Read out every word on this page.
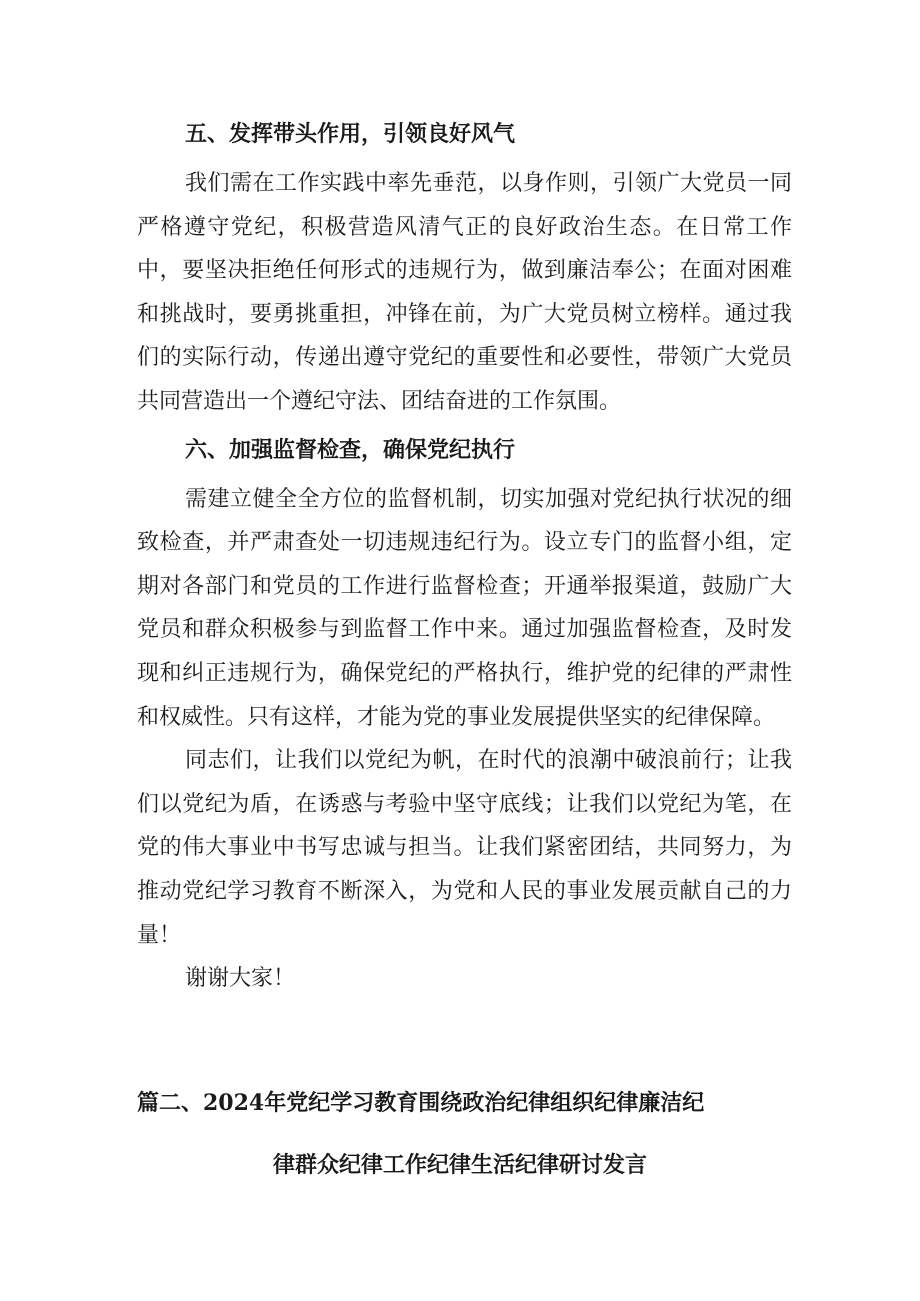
五、发挥带头作用，引领良好风气

我们需在工作实践中率先垂范，以身作则，引领广大党员一同严格遵守党纪，积极营造风清气正的良好政治生态。在日常工作中，要坚决拒绝任何形式的违规行为，做到廉洁奉公；在面对困难和挑战时，要勇挑重担，冲锋在前，为广大党员树立榜样。通过我们的实际行动，传递出遵守党纪的重要性和必要性，带领广大党员共同营造出一个遵纪守法、团结奋进的工作氛围。

六、加强监督检查，确保党纪执行

需建立健全全方位的监督机制，切实加强对党纪执行状况的细致检查，并严肃查处一切违规违纪行为。设立专门的监督小组，定期对各部门和党员的工作进行监督检查；开通举报渠道，鼓励广大党员和群众积极参与到监督工作中来。通过加强监督检查，及时发现和纠正违规行为，确保党纪的严格执行，维护党的纪律的严肃性和权威性。只有这样，才能为党的事业发展提供坚实的纪律保障。

同志们，让我们以党纪为帆，在时代的浪潮中破浪前行；让我们以党纪为盾，在诱惑与考验中坚守底线；让我们以党纪为笔，在党的伟大事业中书写忠诚与担当。让我们紧密团结，共同努力，为推动党纪学习教育不断深入，为党和人民的事业发展贡献自己的力量！

谢谢大家！

篇二、2024年党纪学习教育围绕政治纪律组织纪律廉洁纪
律群众纪律工作纪律生活纪律研讨发言
